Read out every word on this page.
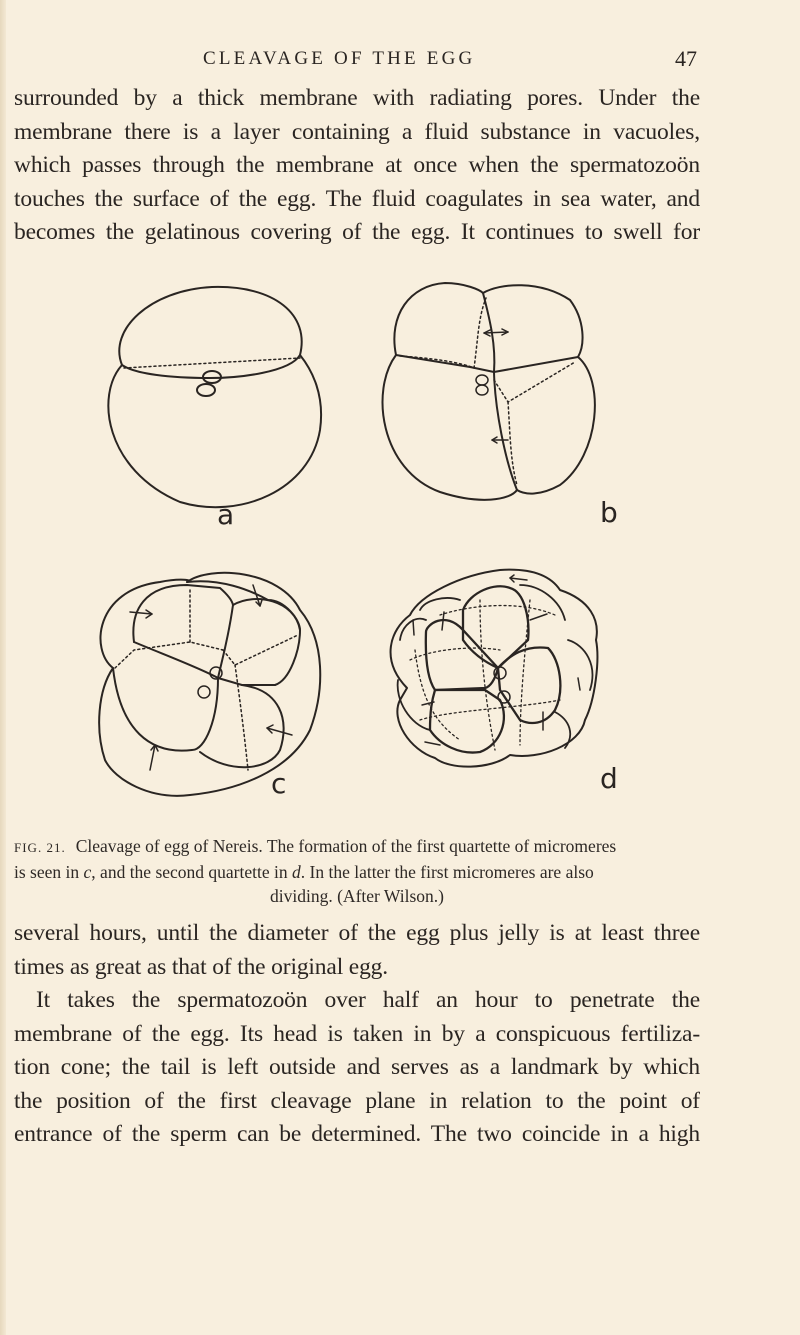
CLEAVAGE OF THE EGG	47
surrounded by a thick membrane with radiating pores. Under the
membrane there is a layer containing a fluid substance in vacuoles,
which passes through the membrane at once when the spermatozoön
touches the surface of the egg. The fluid coagulates in sea water, and
becomes the gelatinous covering of the egg. It continues to swell for
a	b
c	d
FIG. 21. Cleavage of egg of Nereis. The formation of the first quartette of micromeres
is seen in c, and the second quartette in d. In the latter the first micromeres are also
dividing. (After Wilson.)
several hours, until the diameter of the egg plus jelly is at least three
times as great as that of the original egg.
It takes the spermatozoön over half an hour to penetrate the
membrane of the egg. Its head is taken in by a conspicuous fertiliza-
tion cone; the tail is left outside and serves as a landmark by which
the position of the first cleavage plane in relation to the point of
entrance of the sperm can be determined. The two coincide in a high
